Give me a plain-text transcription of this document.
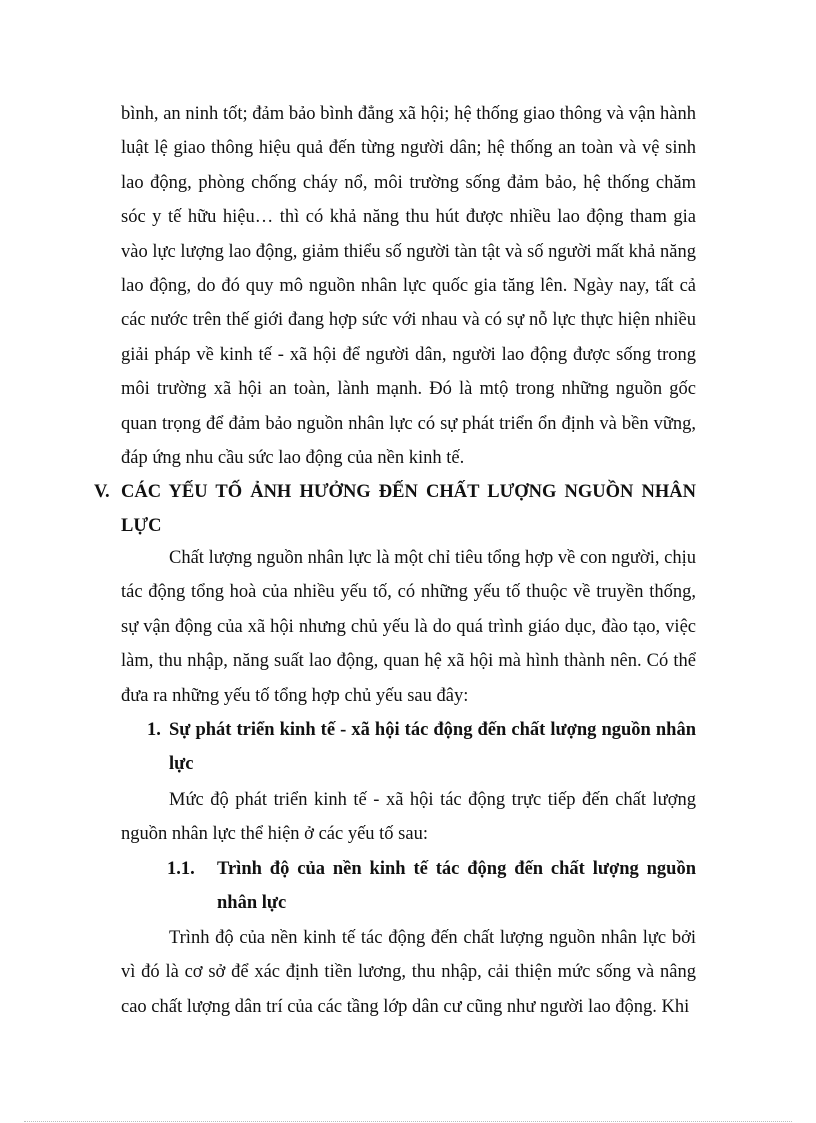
bình, an ninh tốt; đảm bảo bình đẳng xã hội; hệ thống giao thông và vận hành luật lệ giao thông hiệu quả đến từng người dân; hệ thống an toàn và vệ sinh lao động, phòng chống cháy nổ, môi trường sống đảm bảo, hệ thống chăm sóc y tế hữu hiệu… thì có khả năng thu hút được nhiều lao động tham gia vào lực lượng lao động, giảm thiểu số người tàn tật và số người mất khả năng lao động, do đó quy mô nguồn nhân lực quốc gia tăng lên. Ngày nay, tất cả các nước trên thế giới đang hợp sức với nhau và có sự nỗ lực thực hiện nhiều giải pháp về kinh tế - xã hội để người dân, người lao động được sống trong môi trường xã hội an toàn, lành mạnh. Đó là mtộ trong những nguồn gốc quan trọng để đảm bảo nguồn nhân lực có sự phát triển ổn định và bền vững, đáp ứng nhu cầu sức lao động của nền kinh tế.

V. CÁC YẾU TỐ ẢNH HƯỞNG ĐẾN CHẤT LƯỢNG NGUỒN NHÂN LỰC

Chất lượng nguồn nhân lực là một chỉ tiêu tổng hợp về con người, chịu tác động tổng hoà của nhiều yếu tố, có những yếu tố thuộc về truyền thống, sự vận động của xã hội nhưng chủ yếu là do quá trình giáo dục, đào tạo, việc làm, thu nhập, năng suất lao động, quan hệ xã hội mà hình thành nên. Có thể đưa ra những yếu tố tổng hợp chủ yếu sau đây:

1. Sự phát triển kinh tế - xã hội tác động đến chất lượng nguồn nhân lực

Mức độ phát triển kinh tế - xã hội tác động trực tiếp đến chất lượng nguồn nhân lực thể hiện ở các yếu tố sau:

1.1. Trình độ của nền kinh tế tác động đến chất lượng nguồn nhân lực

Trình độ của nền kinh tế tác động đến chất lượng nguồn nhân lực bởi vì đó là cơ sở để xác định tiền lương, thu nhập, cải thiện mức sống và nâng cao chất lượng dân trí của các tầng lớp dân cư cũng như người lao động. Khi
